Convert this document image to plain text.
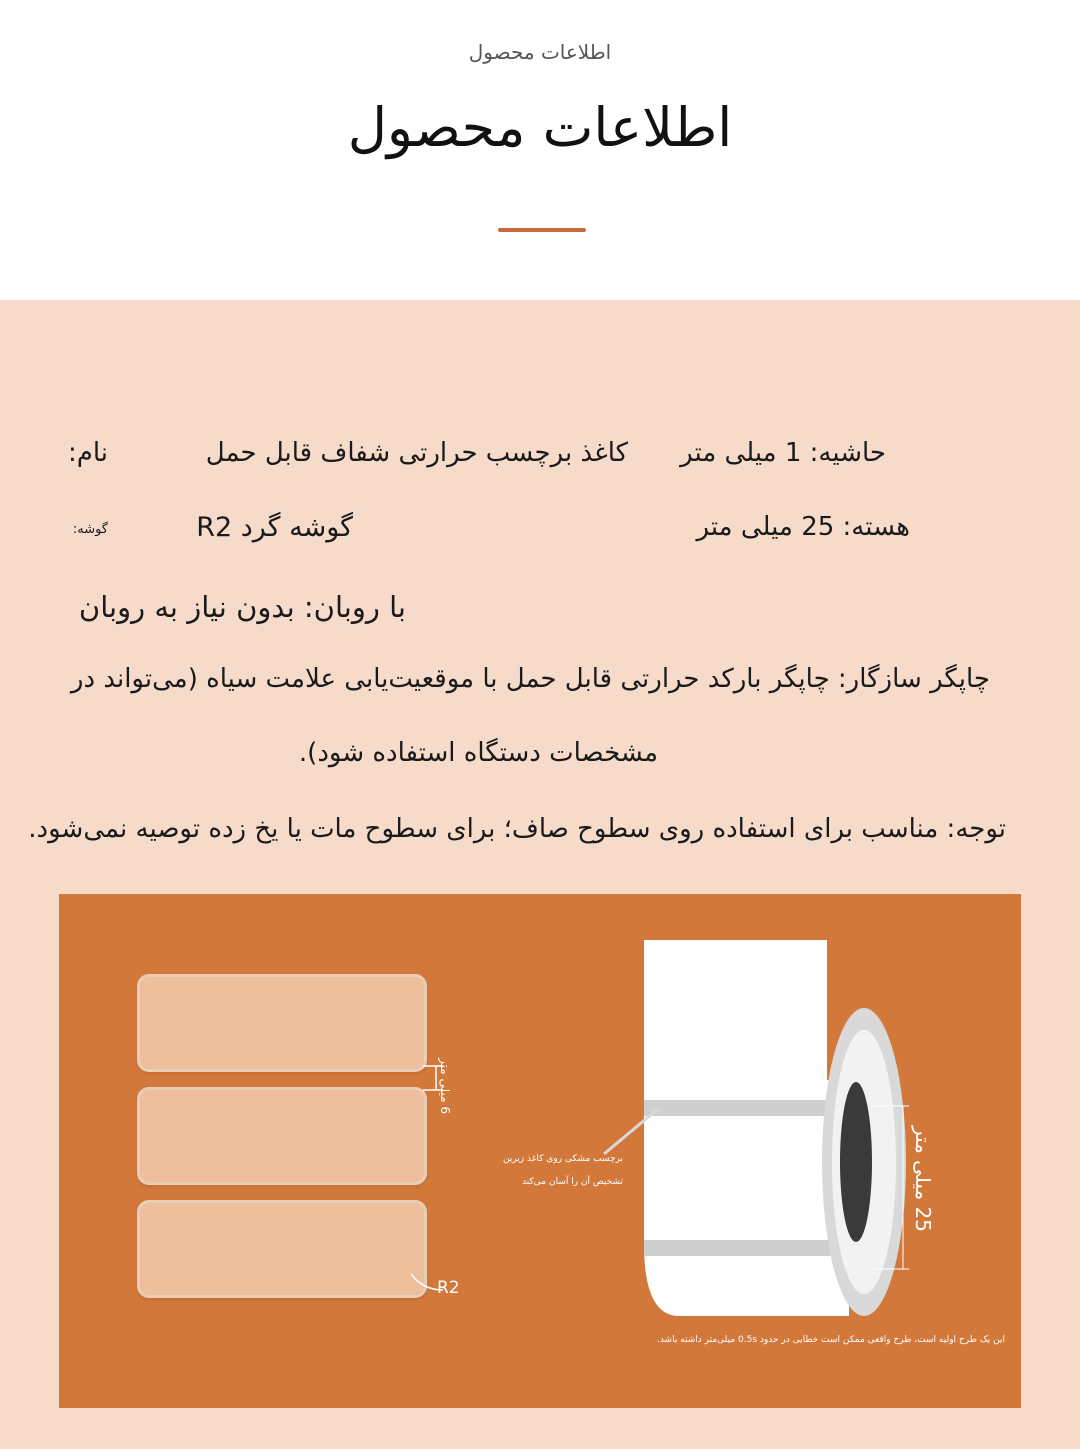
اطلاعات محصول
اطلاعات محصول
نام:	کاغذ برچسب حرارتی شفاف قابل حمل حاشیه: 1 میلی متر
گوشه:	گوشه گرد R2	هسته: 25 میلی متر
با روبان: بدون نیاز به روبان
چاپگر سازگار: چاپگر بارکد حرارتی قابل حمل با موقعیت‌یابی علامت سیاه (می‌تواند در
مشخصات دستگاه استفاده شود).
توجه: مناسب برای استفاده روی سطوح صاف؛ برای سطوح مات یا یخ زده توصیه نمی‌شود.
6 میلی متر
R2
25 میلی متر
برچسب مشکی روی کاغذ زیرین
تشخیص آن را آسان می‌کند
این یک طرح اولیه است، طرح واقعی ممکن است خطایی در حدود 0.5s میلی‌متر داشته باشد.
